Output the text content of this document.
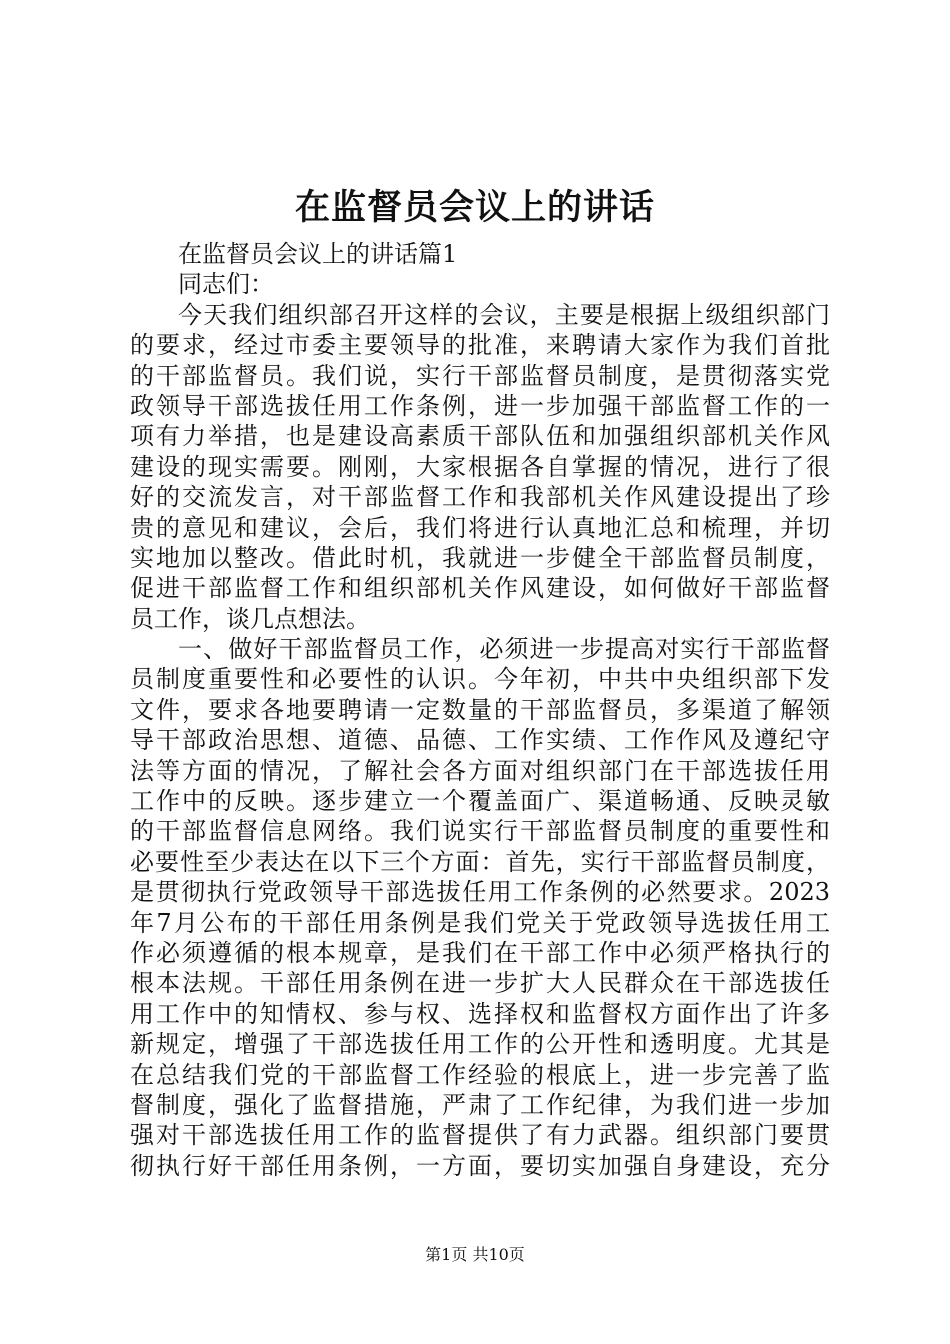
在监督员会议上的讲话
在监督员会议上的讲话篇1
同志们：
今天我们组织部召开这样的会议，主要是根据上级组织部门
的要求，经过市委主要领导的批准，来聘请大家作为我们首批
的干部监督员。我们说，实行干部监督员制度，是贯彻落实党
政领导干部选拔任用工作条例，进一步加强干部监督工作的一
项有力举措，也是建设高素质干部队伍和加强组织部机关作风
建设的现实需要。刚刚，大家根据各自掌握的情况，进行了很
好的交流发言，对干部监督工作和我部机关作风建设提出了珍
贵的意见和建议，会后，我们将进行认真地汇总和梳理，并切
实地加以整改。借此时机，我就进一步健全干部监督员制度，
促进干部监督工作和组织部机关作风建设，如何做好干部监督
员工作，谈几点想法。
一、做好干部监督员工作，必须进一步提高对实行干部监督
员制度重要性和必要性的认识。今年初，中共中央组织部下发
文件，要求各地要聘请一定数量的干部监督员，多渠道了解领
导干部政治思想、道德、品德、工作实绩、工作作风及遵纪守
法等方面的情况，了解社会各方面对组织部门在干部选拔任用
工作中的反映。逐步建立一个覆盖面广、渠道畅通、反映灵敏
的干部监督信息网络。我们说实行干部监督员制度的重要性和
必要性至少表达在以下三个方面：首先，实行干部监督员制度，
是贯彻执行党政领导干部选拔任用工作条例的必然要求。2023
年7月公布的干部任用条例是我们党关于党政领导选拔任用工
作必须遵循的根本规章，是我们在干部工作中必须严格执行的
根本法规。干部任用条例在进一步扩大人民群众在干部选拔任
用工作中的知情权、参与权、选择权和监督权方面作出了许多
新规定，增强了干部选拔任用工作的公开性和透明度。尤其是
在总结我们党的干部监督工作经验的根底上，进一步完善了监
督制度，强化了监督措施，严肃了工作纪律，为我们进一步加
强对干部选拔任用工作的监督提供了有力武器。组织部门要贯
彻执行好干部任用条例，一方面，要切实加强自身建设，充分
第1页 共10页
